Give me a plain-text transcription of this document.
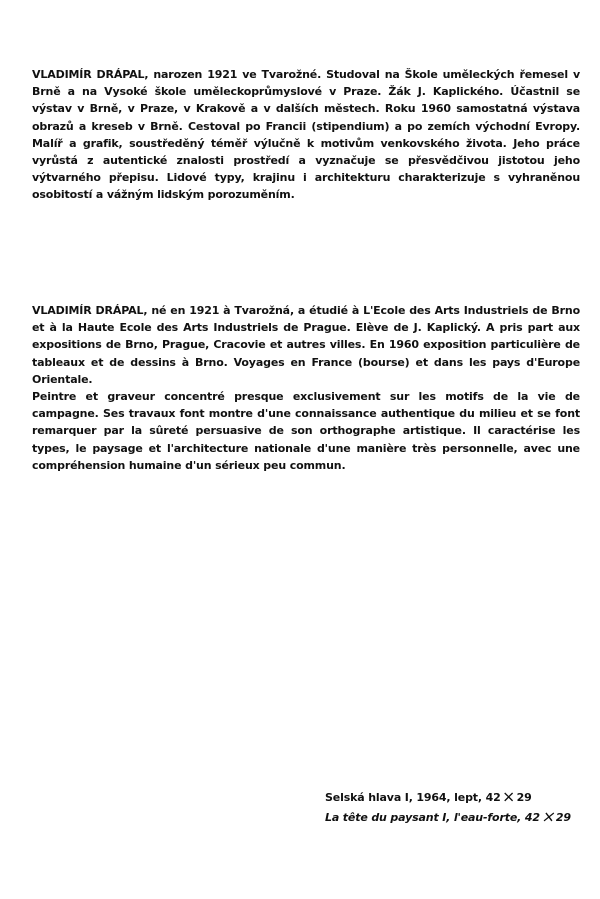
VLADIMÍR DRÁPAL, narozen 1921 ve Tvarožné. Studoval na Škole uměleckých řemesel v Brně a na Vysoké škole uměleckoprůmyslové v Praze. Žák J. Kaplického. Účastnil se výstav v Brně, v Praze, v Krakově a v dalších městech. Roku 1960 samostatná výstava obrazů a kreseb v Brně. Cestoval po Francii (stipendium) a po zemích východní Evropy. Malíř a grafik, soustředěný téměř výlučně k motivům venkovského života. Jeho práce vyrůstá z autentické znalosti prostředí a vyznačuje se přesvědčivou jistotou jeho výtvarného přepisu. Lidové typy, krajinu i architekturu charakterizuje s vyhraněnou osobitostí a vážným lidským porozuměním.

VLADIMÍR DRÁPAL, né en 1921 à Tvarožná, a étudié à L'Ecole des Arts Industriels de Brno et à la Haute Ecole des Arts Industriels de Prague. Elève de J. Kaplický. A pris part aux expositions de Brno, Prague, Cracovie et autres villes. En 1960 exposition particulière de tableaux et de dessins à Brno. Voyages en France (bourse) et dans les pays d'Europe Orientale.

Peintre et graveur concentré presque exclusivement sur les motifs de la vie de campagne. Ses travaux font montre d'une connaissance authentique du milieu et se font remarquer par la sûreté persuasive de son orthographe artistique. Il caractérise les types, le paysage et l'architecture nationale d'une manière très personnelle, avec une compréhension humaine d'un sérieux peu commun.

Selská hlava I, 1964, lept, 42 ⨉ 29
La tête du paysant I, l'eau-forte, 42 ⨉ 29
